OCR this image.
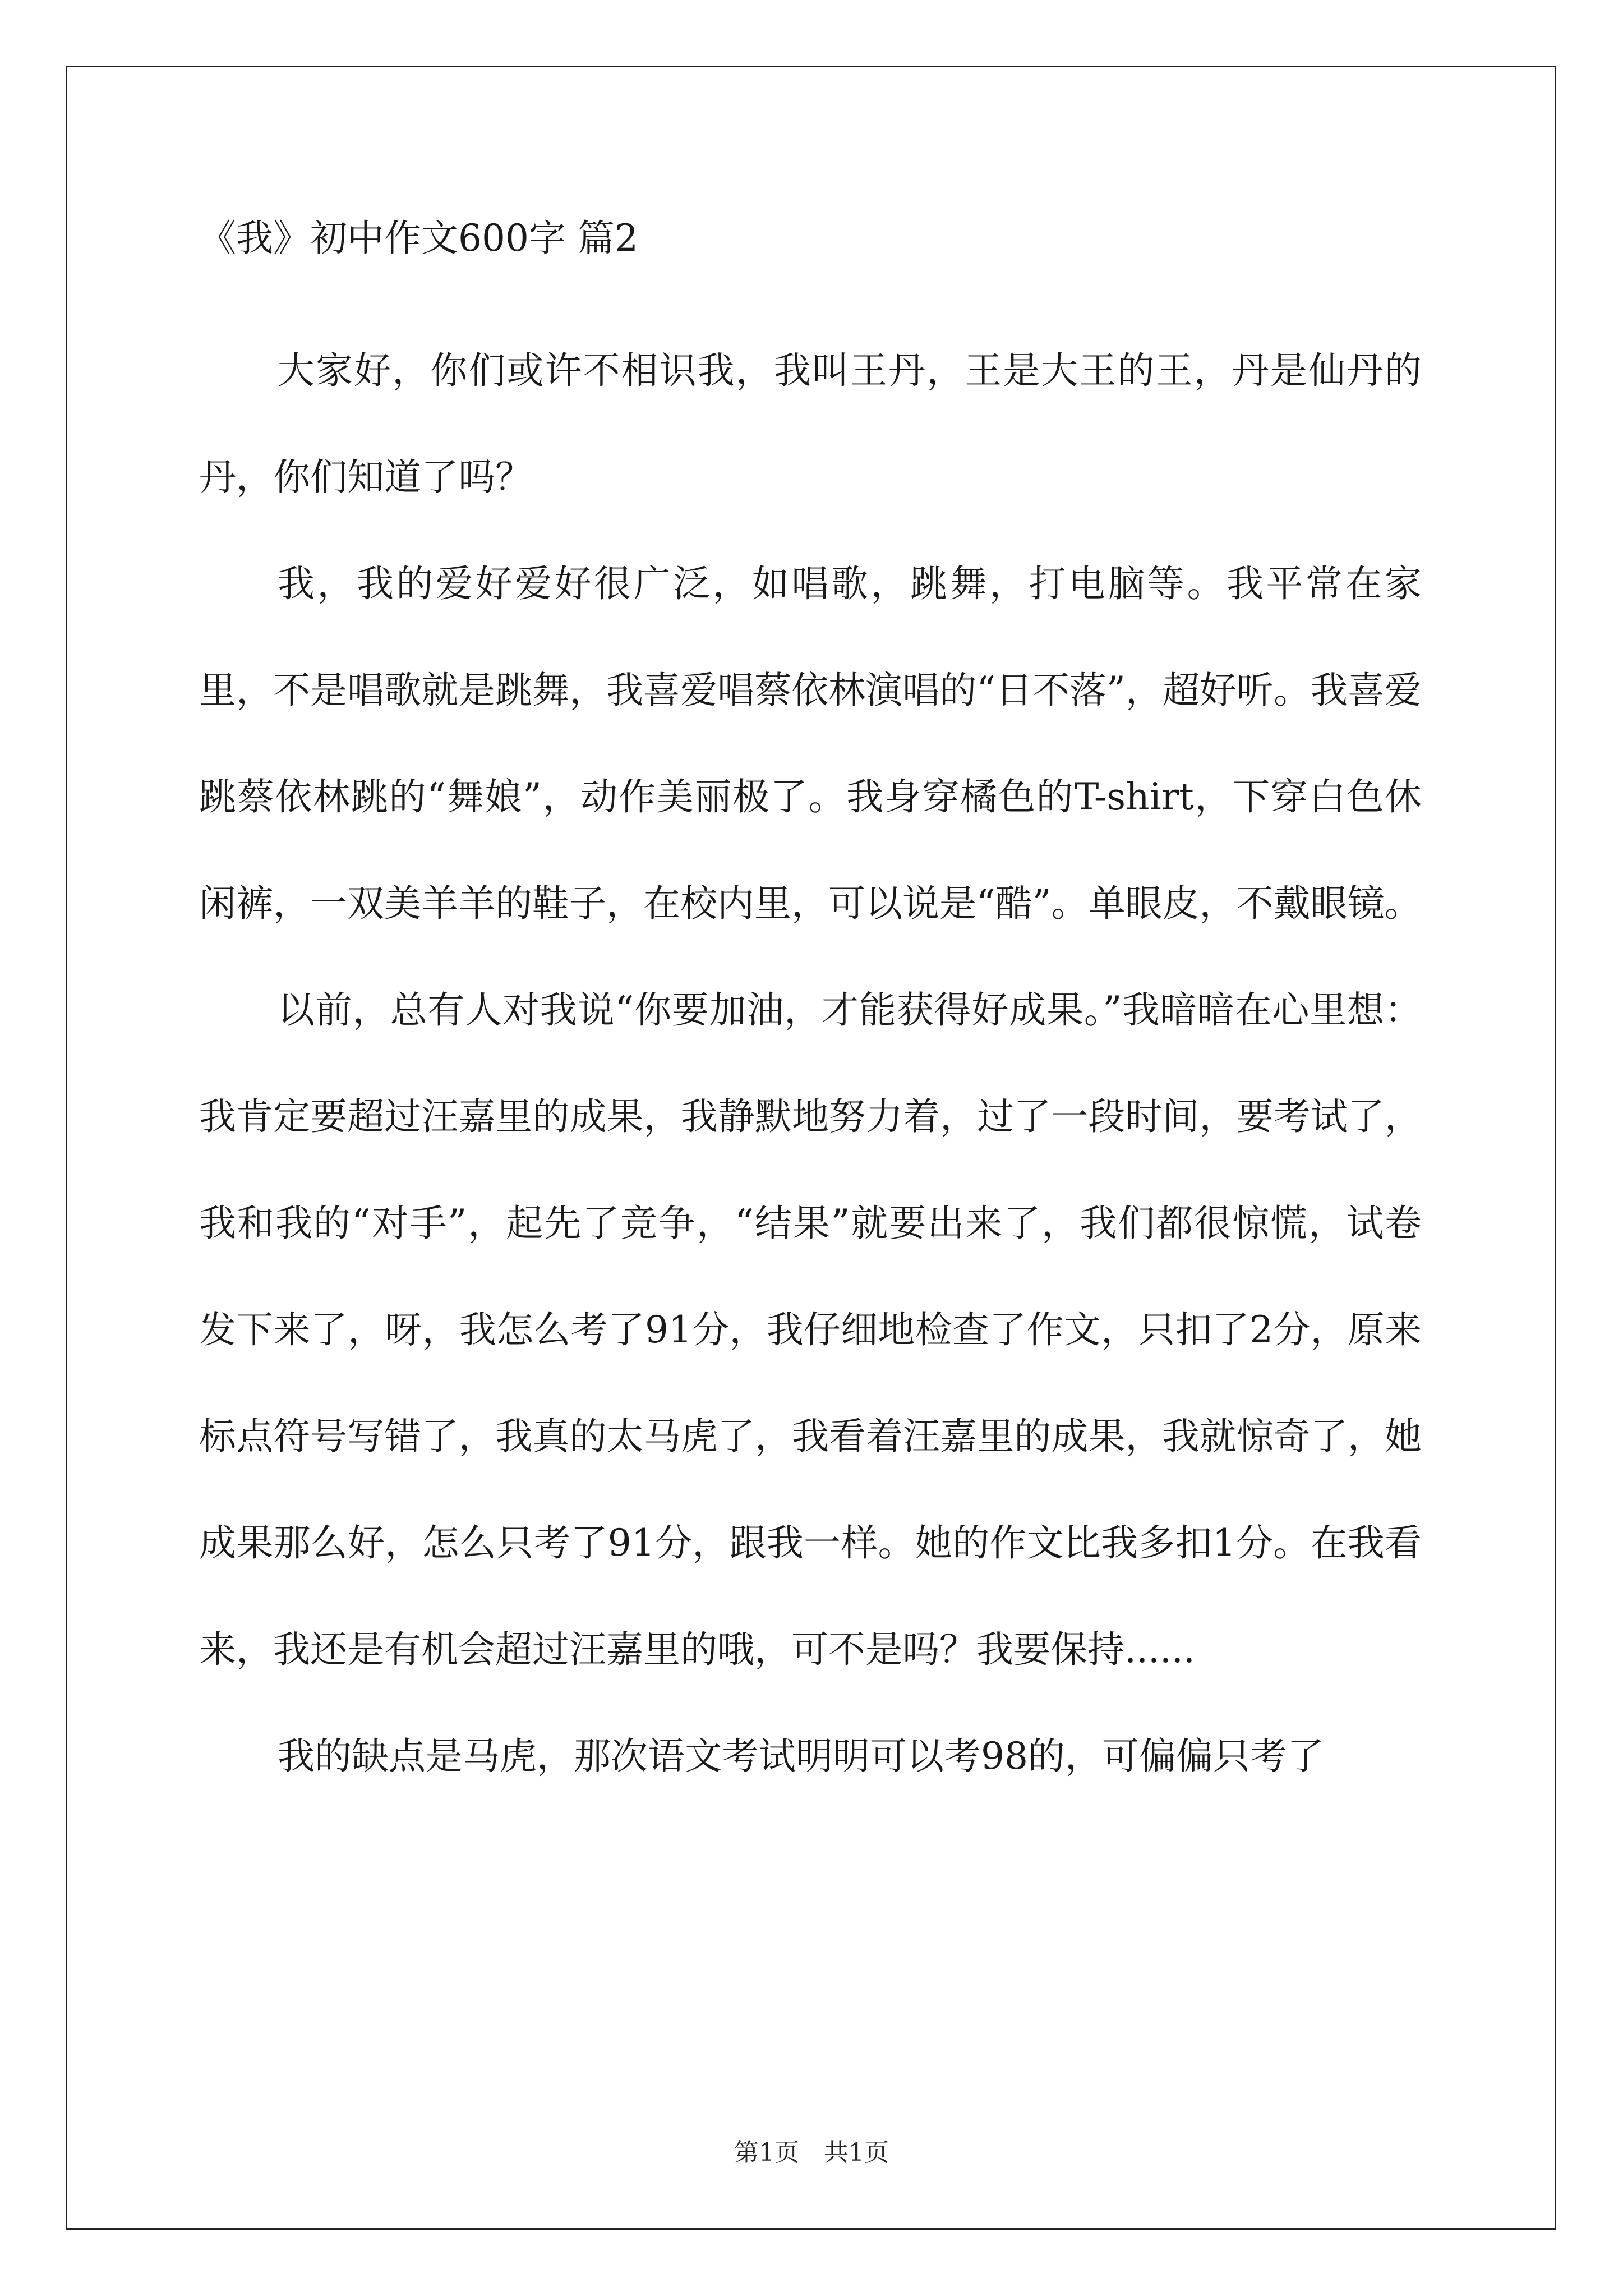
《我》初中作文600字 篇2

大家好，你们或许不相识我，我叫王丹，王是大王的王，丹是仙丹的丹，你们知道了吗？

我，我的爱好爱好很广泛，如唱歌，跳舞，打电脑等。我平常在家里，不是唱歌就是跳舞，我喜爱唱蔡依林演唱的“日不落”，超好听。我喜爱跳蔡依林跳的“舞娘”，动作美丽极了。我身穿橘色的T-shirt，下穿白色休闲裤，一双美羊羊的鞋子，在校内里，可以说是“酷”。单眼皮，不戴眼镜。

以前，总有人对我说“你要加油，才能获得好成果。”我暗暗在心里想：我肯定要超过汪嘉里的成果，我静默地努力着，过了一段时间，要考试了，我和我的“对手”，起先了竞争，“结果”就要出来了，我们都很惊慌，试卷发下来了，呀，我怎么考了91分，我仔细地检查了作文，只扣了2分，原来标点符号写错了，我真的太马虎了，我看着汪嘉里的成果，我就惊奇了，她成果那么好，怎么只考了91分，跟我一样。她的作文比我多扣1分。在我看来，我还是有机会超过汪嘉里的哦，可不是吗？我要保持......

我的缺点是马虎，那次语文考试明明可以考98的，可偏偏只考了

第1页　共1页
